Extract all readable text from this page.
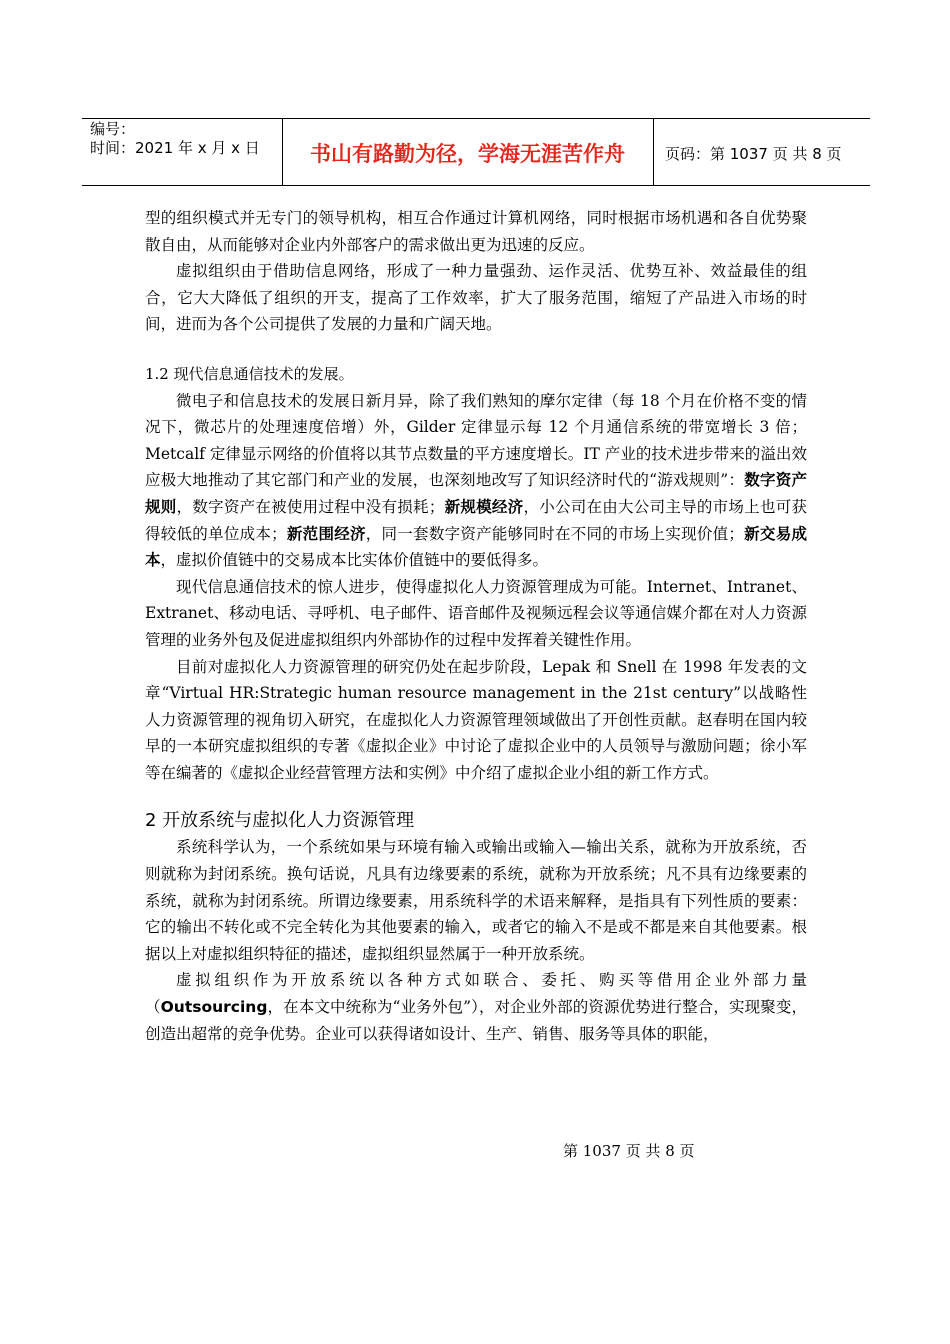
编号：
时间：2021 年 x 月 x 日	书山有路勤为径，学海无涯苦作舟	页码：第 1037 页 共 8 页

型的组织模式并无专门的领导机构，相互合作通过计算机网络，同时根据市场机遇和各自优势聚散自由，从而能够对企业内外部客户的需求做出更为迅速的反应。

虚拟组织由于借助信息网络，形成了一种力量强劲、运作灵活、优势互补、效益最佳的组合，它大大降低了组织的开支，提高了工作效率，扩大了服务范围，缩短了产品进入市场的时间，进而为各个公司提供了发展的力量和广阔天地。

1.2 现代信息通信技术的发展。

微电子和信息技术的发展日新月异，除了我们熟知的摩尔定律（每 18 个月在价格不变的情况下，微芯片的处理速度倍增）外，Gilder 定律显示每 12 个月通信系统的带宽增长 3 倍；Metcalf 定律显示网络的价值将以其节点数量的平方速度增长。IT 产业的技术进步带来的溢出效应极大地推动了其它部门和产业的发展，也深刻地改写了知识经济时代的“游戏规则”：数字资产规则，数字资产在被使用过程中没有损耗；新规模经济，小公司在由大公司主导的市场上也可获得较低的单位成本；新范围经济，同一套数字资产能够同时在不同的市场上实现价值；新交易成本，虚拟价值链中的交易成本比实体价值链中的要低得多。

现代信息通信技术的惊人进步，使得虚拟化人力资源管理成为可能。Internet、Intranet、Extranet、移动电话、寻呼机、电子邮件、语音邮件及视频远程会议等通信媒介都在对人力资源管理的业务外包及促进虚拟组织内外部协作的过程中发挥着关键性作用。

目前对虚拟化人力资源管理的研究仍处在起步阶段，Lepak 和 Snell 在 1998 年发表的文章“Virtual HR:Strategic human resource management in the 21st century”以战略性人力资源管理的视角切入研究，在虚拟化人力资源管理领域做出了开创性贡献。赵春明在国内较早的一本研究虚拟组织的专著《虚拟企业》中讨论了虚拟企业中的人员领导与激励问题；徐小军等在编著的《虚拟企业经营管理方法和实例》中介绍了虚拟企业小组的新工作方式。

2 开放系统与虚拟化人力资源管理

系统科学认为，一个系统如果与环境有输入或输出或输入—输出关系，就称为开放系统，否则就称为封闭系统。换句话说，凡具有边缘要素的系统，就称为开放系统；凡不具有边缘要素的系统，就称为封闭系统。所谓边缘要素，用系统科学的术语来解释，是指具有下列性质的要素：它的输出不转化或不完全转化为其他要素的输入，或者它的输入不是或不都是来自其他要素。根据以上对虚拟组织特征的描述，虚拟组织显然属于一种开放系统。

虚拟组织作为开放系统以各种方式如联合、委托、购买等借用企业外部力量（Outsourcing，在本文中统称为“业务外包”），对企业外部的资源优势进行整合，实现聚变，创造出超常的竞争优势。企业可以获得诸如设计、生产、销售、服务等具体的职能，

第 1037 页 共 8 页
